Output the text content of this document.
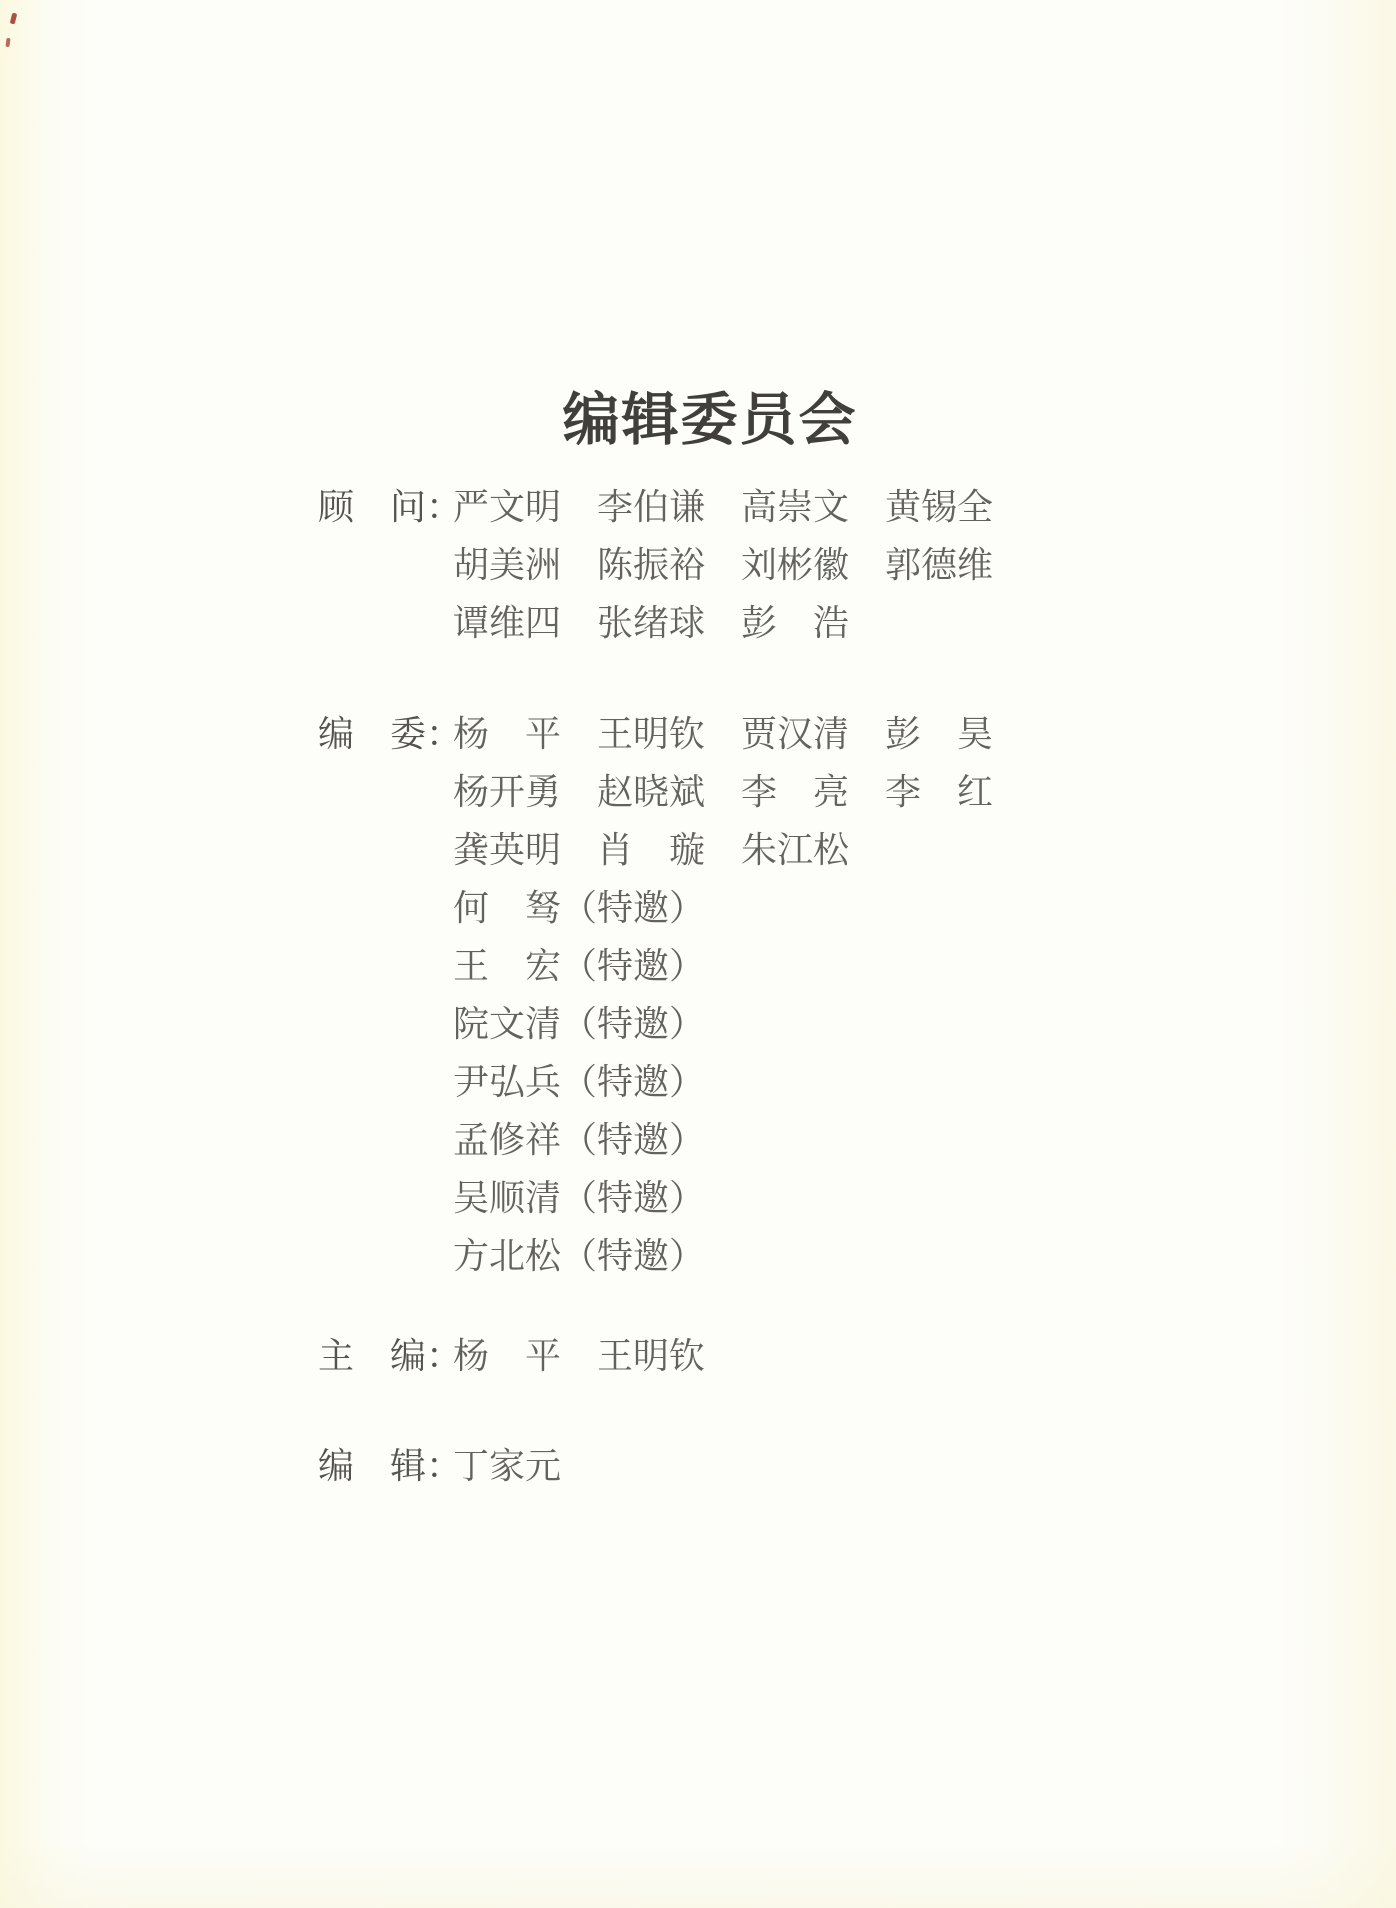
编辑委员会
顾　问：
严文明　李伯谦　高崇文　黄锡全
胡美洲　陈振裕　刘彬徽　郭德维
谭维四　张绪球　彭　浩
编　委：
杨　平　王明钦　贾汉清　彭　昊
杨开勇　赵晓斌　李　亮　李　红
龚英明　肖　璇　朱江松
何　驽（特邀）
王　宏（特邀）
院文清（特邀）
尹弘兵（特邀）
孟修祥（特邀）
吴顺清（特邀）
方北松（特邀）
主　编：
杨　平　王明钦
编　辑：
丁家元
